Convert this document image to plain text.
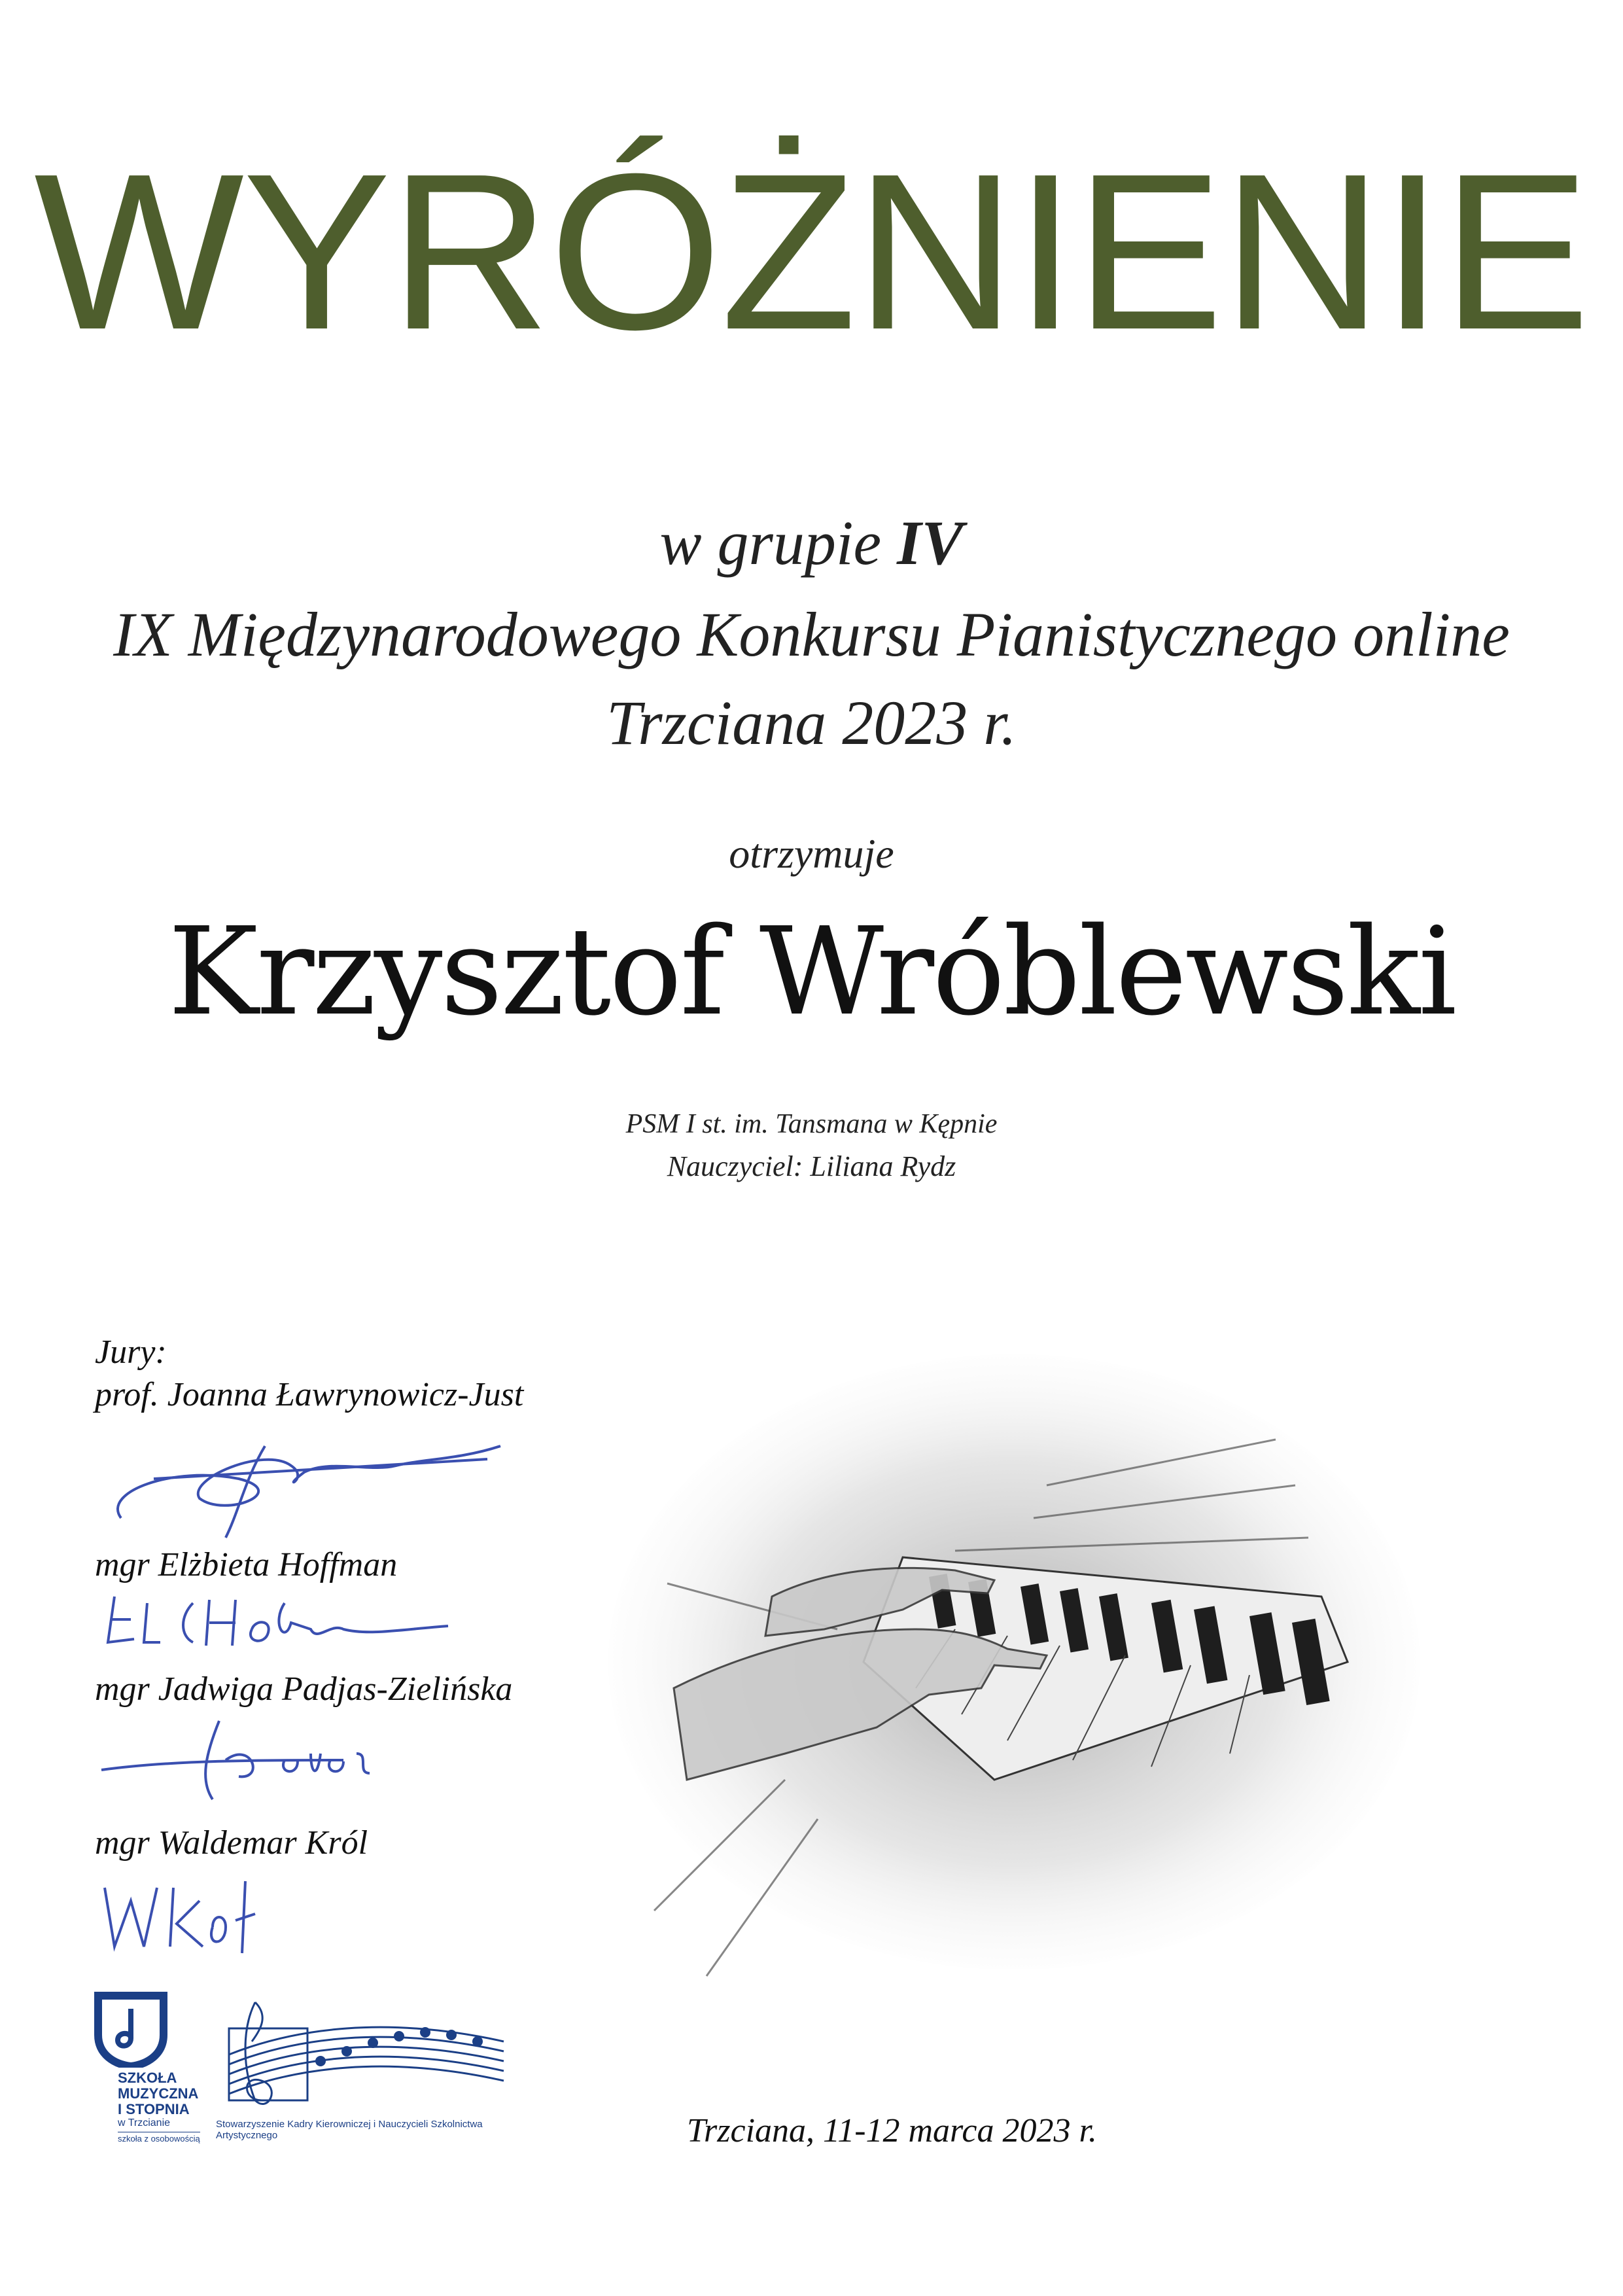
WYRÓŻNIENIE
w grupie IV
IX Międzynarodowego Konkursu Pianistycznego online
Trzciana 2023 r.
otrzymuje
Krzysztof Wróblewski
PSM I st. im. Tansmana w Kępnie
Nauczyciel: Liliana Rydz
Jury:
prof. Joanna Ławrynowicz-Just
mgr Elżbieta Hoffman
mgr Jadwiga Padjas-Zielińska
mgr Waldemar Król
SZKOŁA
MUZYCZNA
I STOPNIA
w Trzcianie
szkoła z osobowością
Stowarzyszenie Kadry Kierowniczej i Nauczycieli Szkolnictwa Artystycznego	Trzciana, 11-12 marca 2023 r.
